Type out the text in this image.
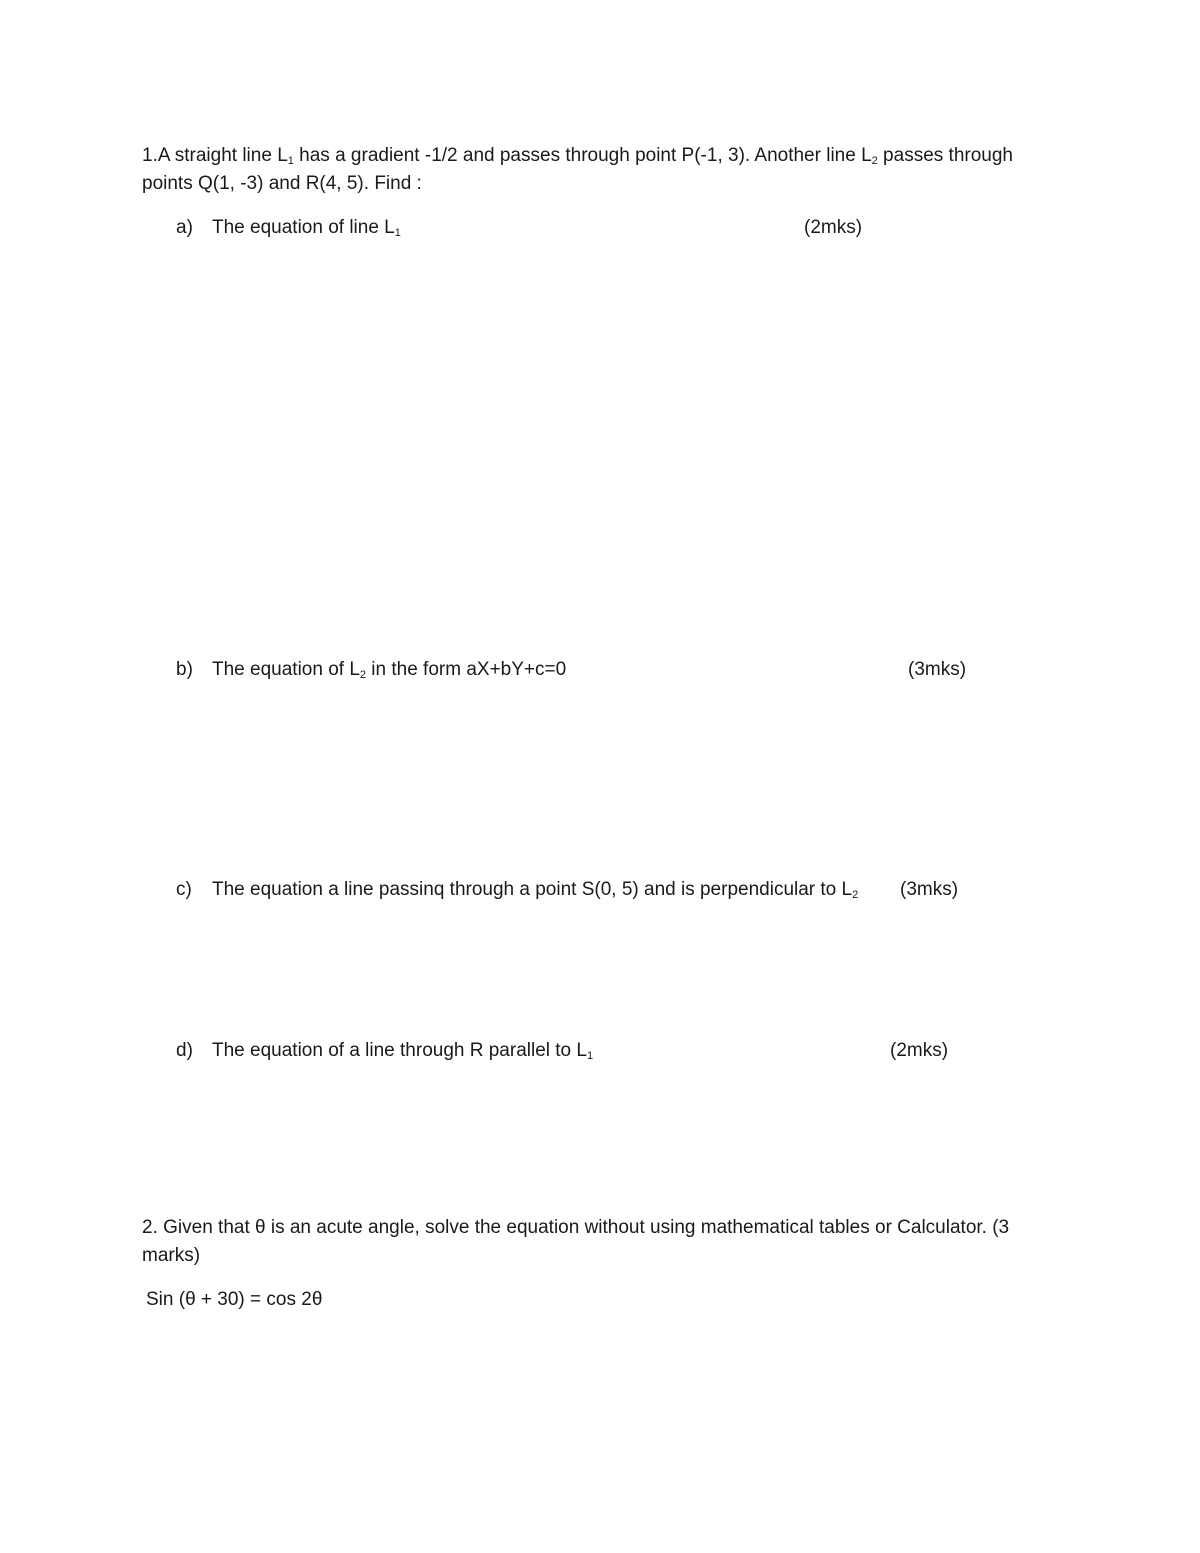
1.A straight line $L_1$ has a gradient -1/2 and passes through point P(-1, 3). Another line $L_2$ passes through
points Q(1, -3) and R(4, 5). Find :
a) The equation of line $L_1$	(2mks)
b) The equation of $L_2$ in the form aX+bY+c=0	(3mks)
c) The equation a line passinq through a point S(0, 5) and is perpendicular to $L_2$ (3mks)
d) The equation of a line through R parallel to $L_1$	(2mks)
2. Given that θ is an acute angle, solve the equation without using mathematical tables or Calculator. (3
marks)
Sin (θ + 30) = cos 2θ
